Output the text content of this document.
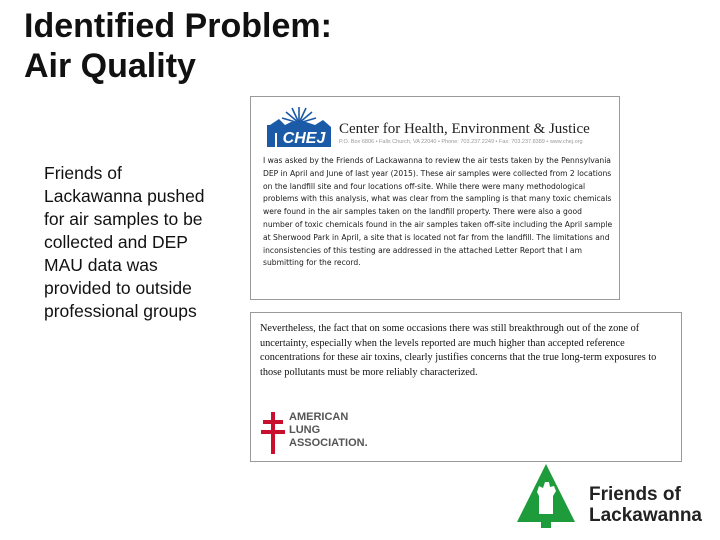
Identified Problem:
Air Quality
Friends of Lackawanna pushed for air samples to be collected and DEP MAU data was provided to outside professional groups
CHEJ
Center for Health, Environment & Justice
P.O. Box 6806 • Falls Church, VA 22040 • Phone: 703.237.2249 • Fax: 703.237.8389 • www.chej.org
I was asked by the Friends of Lackawanna to review the air tests taken by the Pennsylvania DEP in April and June of last year (2015). These air samples were collected from 2 locations on the landfill site and four locations off-site. While there were many methodological problems with this analysis, what was clear from the sampling is that many toxic chemicals were found in the air samples taken on the landfill property. There were also a good number of toxic chemicals found in the air samples taken off-site including the April sample at Sherwood Park in April, a site that is located not far from the landfill. The limitations and inconsistencies of this testing are addressed in the attached Letter Report that I am submitting for the record.
Nevertheless, the fact that on some occasions there was still breakthrough out of the zone of uncertainty, especially when the levels reported are much higher than accepted reference concentrations for these air toxins, clearly justifies concerns that the true long-term exposures to those pollutants must be more reliably characterized.
AMERICAN
LUNG
ASSOCIATION.
Friends of
Lackawanna
